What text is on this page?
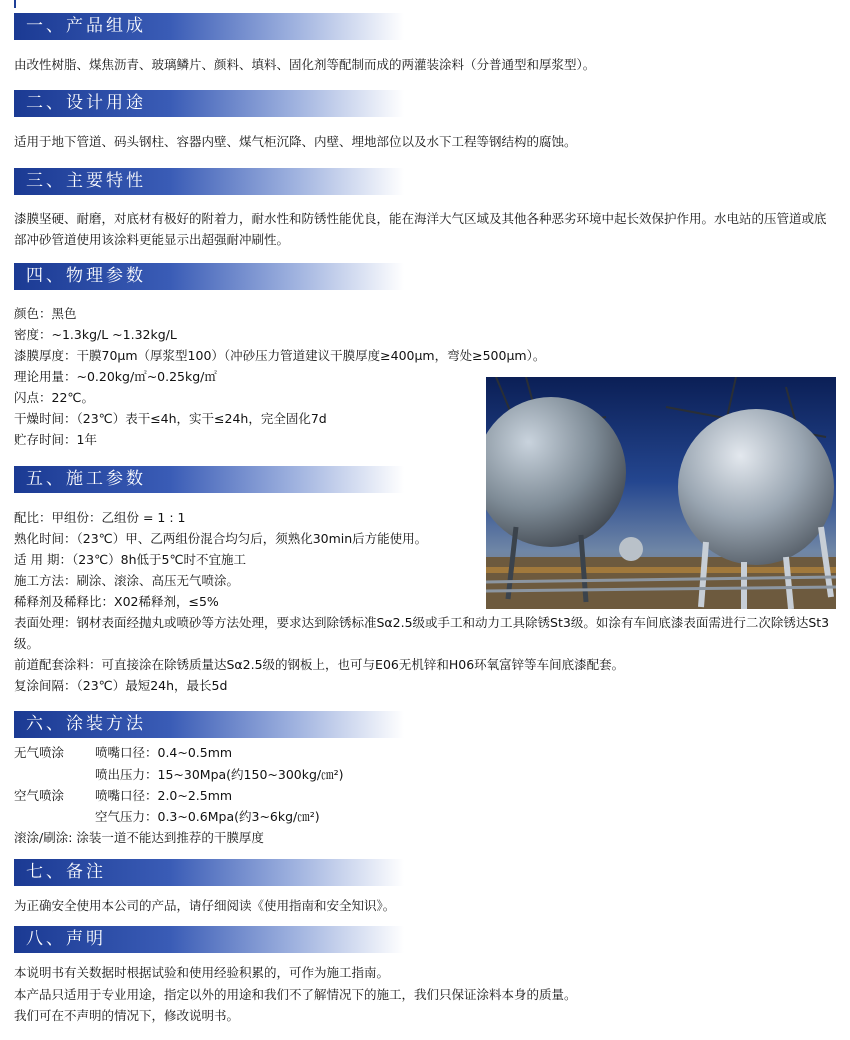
一、产品组成
由改性树脂、煤焦沥青、玻璃鳞片、颜料、填料、固化剂等配制而成的两灌装涂料（分普通型和厚浆型）。
二、设计用途
适用于地下管道、码头钢柱、容器内壁、煤气柜沉降、内壁、埋地部位以及水下工程等钢结构的腐蚀。
三、主要特性
漆膜坚硬、耐磨，对底材有极好的附着力，耐水性和防锈性能优良，能在海洋大气区域及其他各种恶劣环境中起长效保护作用。水电站的压管道或底部冲砂管道使用该涂料更能显示出超强耐冲刷性。
四、物理参数
颜色：黑色
密度：~1.3kg/L ~1.32kg/L
漆膜厚度：干膜70μm（厚浆型100）（冲砂压力管道建议干膜厚度≥400μm，弯处≥500μm）。
理论用量：~0.20kg/㎡~0.25kg/㎡
闪点：22℃。
干燥时间：（23℃）表干≤4h，实干≤24h，完全固化7d
贮存时间：1年
五、施工参数
配比：甲组份：乙组份 = 1 : 1
熟化时间：（23℃）甲、乙两组份混合均匀后，须熟化30min后方能使用。
适 用 期：（23℃）8h低于5℃时不宜施工
施工方法：刷涂、滚涂、高压无气喷涂。
稀释剂及稀释比：X02稀释剂，≤5%
表面处理：钢材表面经抛丸或喷砂等方法处理，要求达到除锈标准Sα2.5级或手工和动力工具除锈St3级。如涂有车间底漆表面需进行二次除锈达St3级。
前道配套涂料：可直接涂在除锈质量达Sα2.5级的钢板上，也可与E06无机锌和H06环氧富锌等车间底漆配套。
复涂间隔：（23℃）最短24h，最长5d
六、涂装方法
无气喷涂 喷嘴口径：0.4~0.5mm
喷出压力：15~30Mpa(约150~300kg/㎝²)
空气喷涂 喷嘴口径：2.0~2.5mm
空气压力：0.3~0.6Mpa(约3~6kg/㎝²)
滚涂/刷涂: 涂装一道不能达到推荐的干膜厚度
七、备注
为正确安全使用本公司的产品，请仔细阅读《使用指南和安全知识》。
八、声明
本说明书有关数据时根据试验和使用经验积累的，可作为施工指南。
本产品只适用于专业用途，指定以外的用途和我们不了解情况下的施工，我们只保证涂料本身的质量。
我们可在不声明的情况下，修改说明书。
